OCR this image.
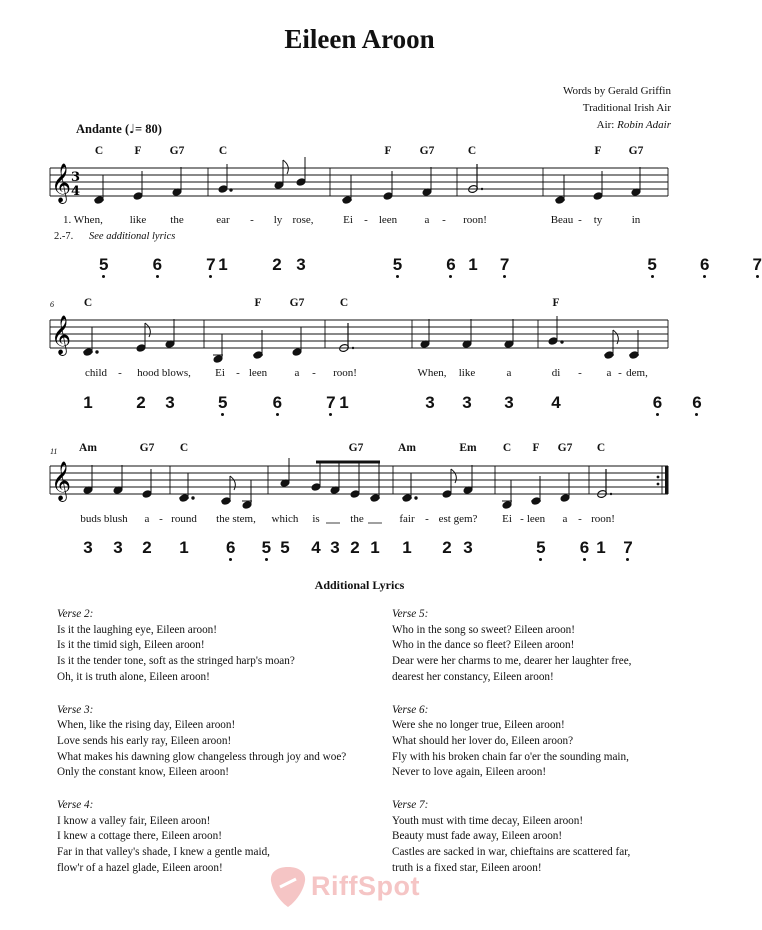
Eileen Aroon
Words by Gerald Griffin
Traditional Irish Air
Air: Robin Adair
Andante (♩= 80)
C	F G7	C	F G7	C	F G7
𝄞 3
4
1. When, like the	ear - ly rose,	Ei - leen a - roon!	Beau - ty	in
2.-7. See additional lyrics
5	6	7 1	2 3	5	6	7
1	5	6	7
6	C	F G7	C	F
𝄞
child - hood blows, Ei - leen a - roon!	When, like	a	di - a - dem,
1	2 3	5	6	7 1	3 3 3 4	6 6
11 Am	G7 C	G7	Am	Em C F G7 C
𝄞
buds blush a - round the stem, which is	the	fair - est gem? Ei - leen a - roon!
3 3 2 1 6 5 5 4 3 2 1 1 2 3	5 6 7
1
Additional Lyrics
Verse 2:
Is it the laughing eye, Eileen aroon!
Is it the timid sigh, Eileen aroon!
Is it the tender tone, soft as the stringed harp's moan?
Oh, it is truth alone, Eileen aroon!
Verse 3:
When, like the rising day, Eileen aroon!
Love sends his early ray, Eileen aroon!
What makes his dawning glow changeless through joy and woe?
Only the constant know, Eileen aroon!
Verse 4:
I know a valley fair, Eileen aroon!
I knew a cottage there, Eileen aroon!
Far in that valley's shade, I knew a gentle maid,
flow'r of a hazel glade, Eileen aroon!
Verse 5:
Who in the song so sweet? Eileen aroon!
Who in the dance so fleet? Eileen aroon!
Dear were her charms to me, dearer her laughter free,
dearest her constancy, Eileen aroon!
Verse 6:
Were she no longer true, Eileen aroon!
What should her lover do, Eileen aroon?
Fly with his broken chain far o'er the sounding main,
Never to love again, Eileen aroon!
Verse 7:
Youth must with time decay, Eileen aroon!
Beauty must fade away, Eileen aroon!
Castles are sacked in war, chieftains are scattered far,
truth is a fixed star, Eileen aroon!
RiffSpot
